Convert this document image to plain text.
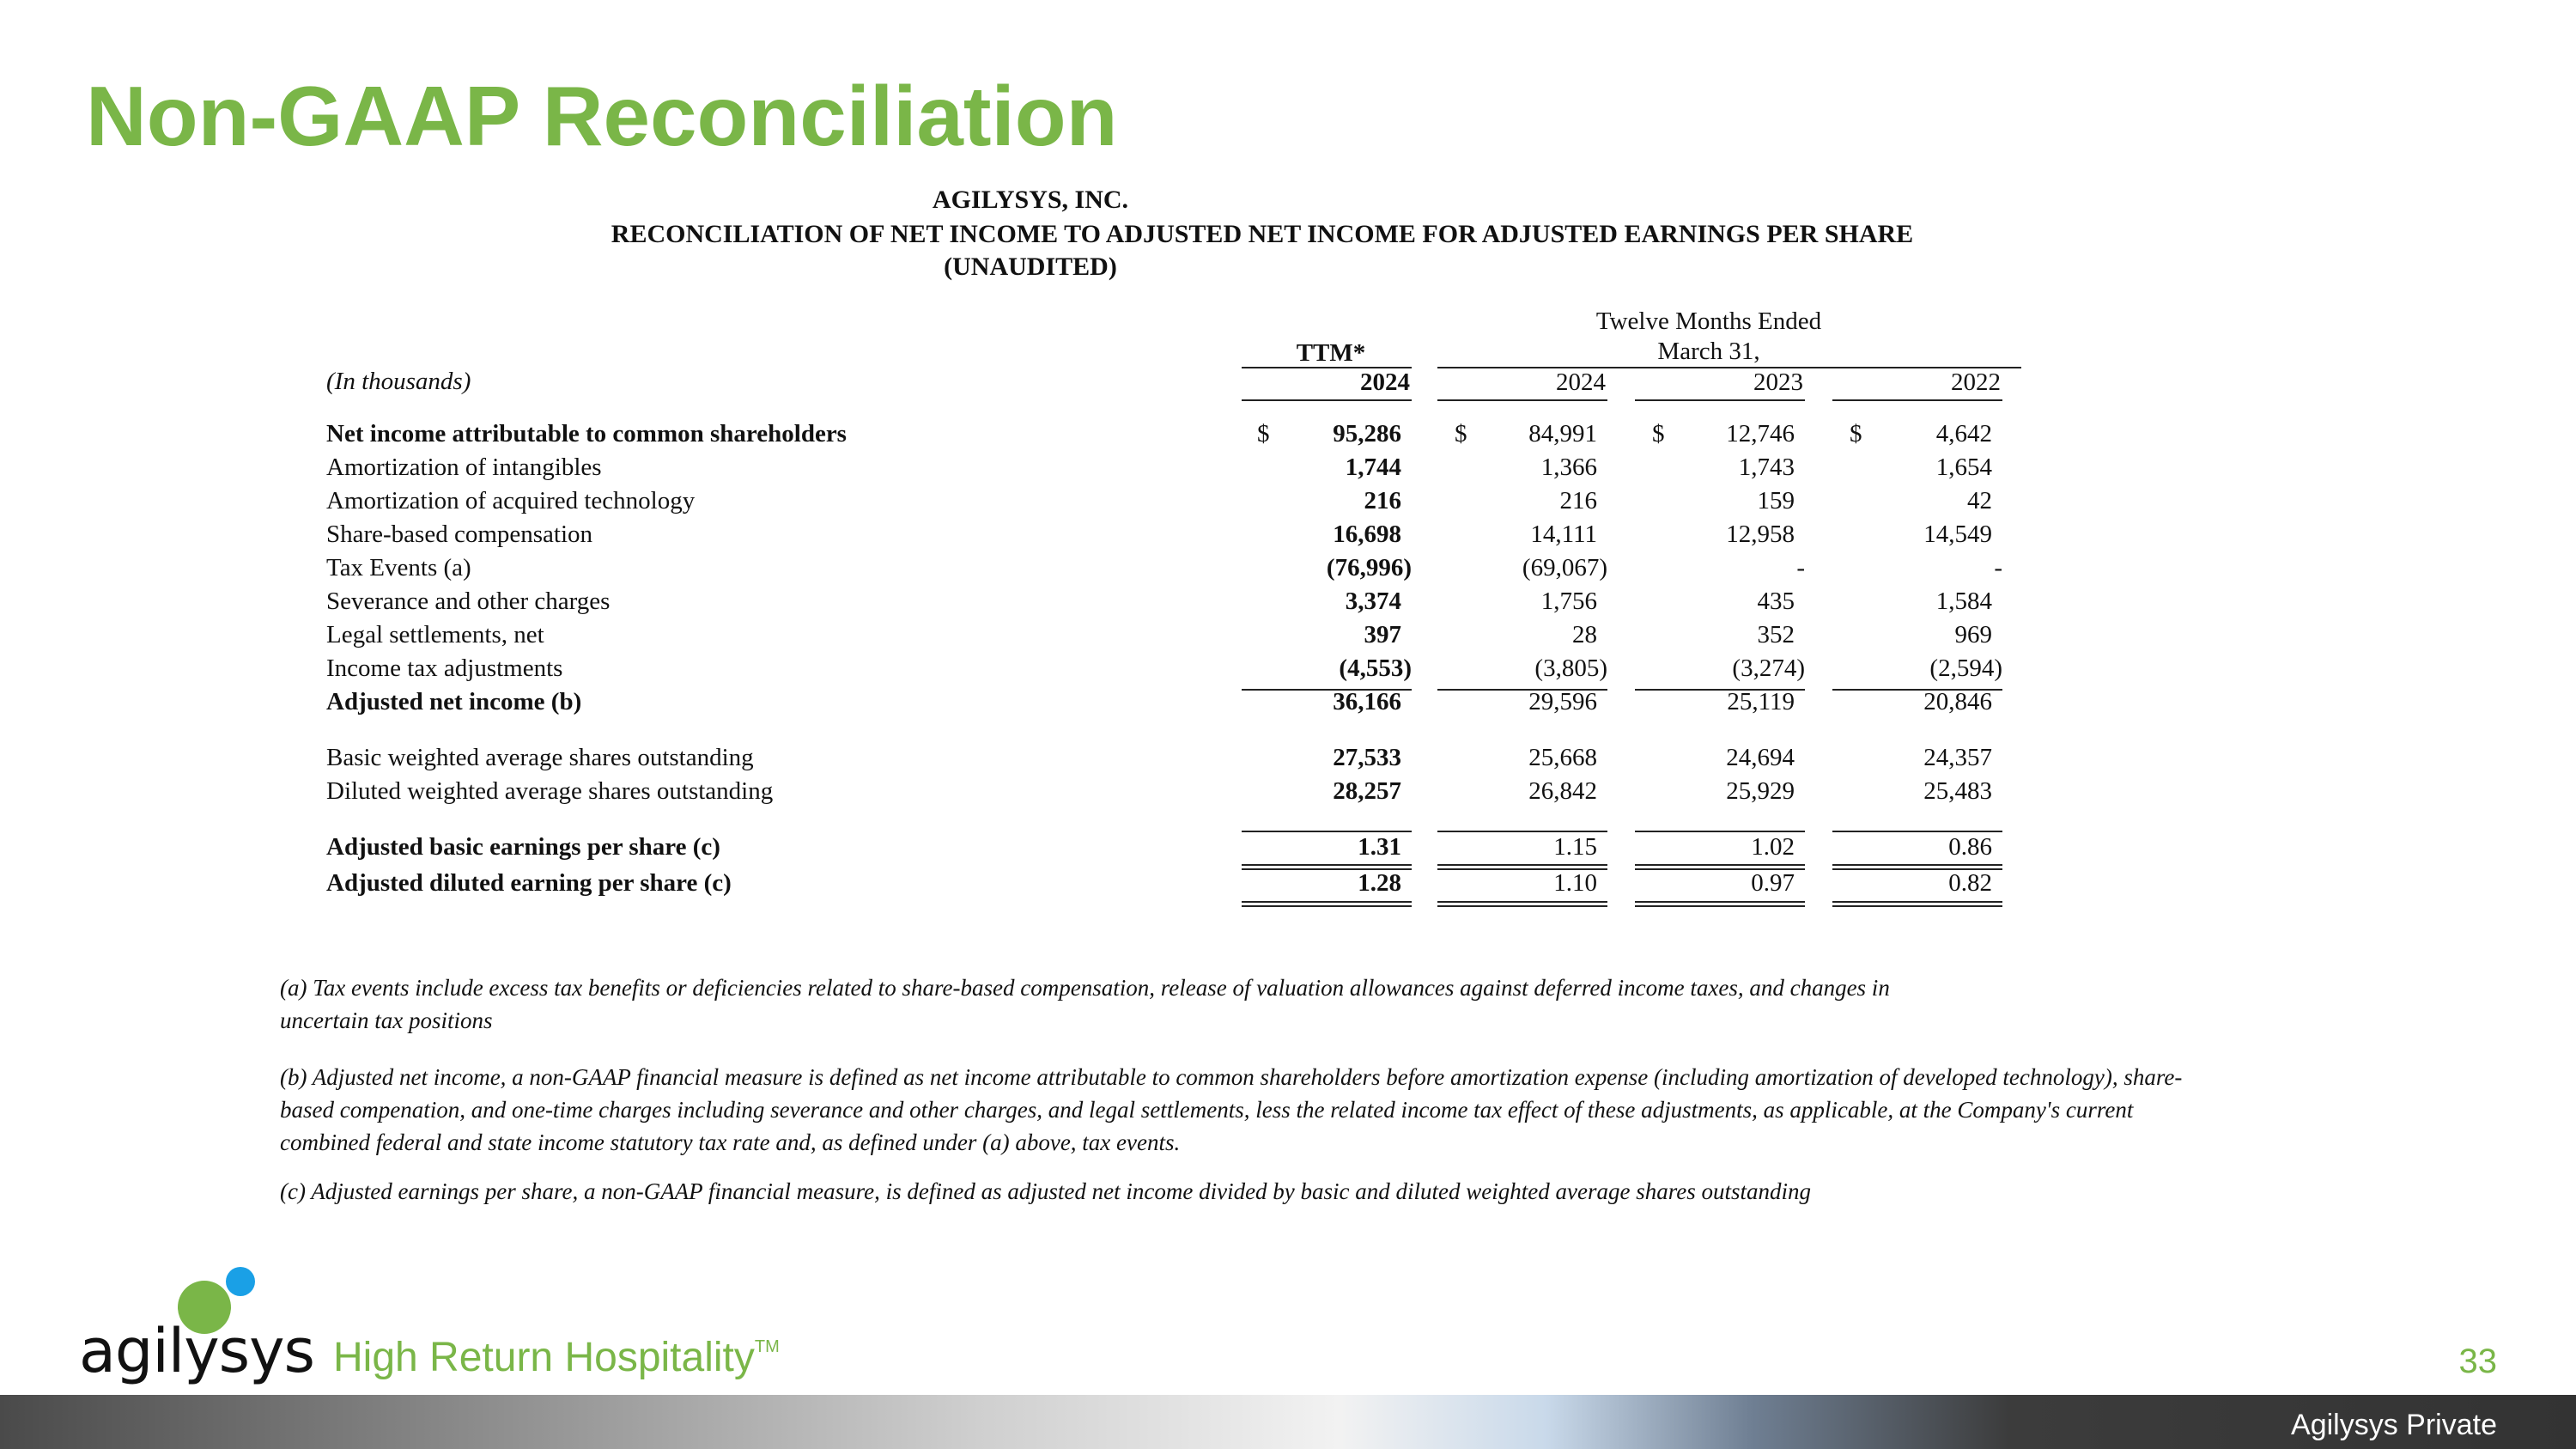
Non-GAAP Reconciliation
AGILYSYS, INC.
RECONCILIATION OF NET INCOME TO ADJUSTED NET INCOME FOR ADJUSTED EARNINGS PER SHARE
(UNAUDITED)
Twelve Months Ended
March 31,
TTM*
(In thousands)	2024	2024	2023	2022
$	$	$	$
Net income attributable to common shareholders	95,286	84,991	12,746	4,642
Amortization of intangibles	1,744	1,366	1,743	1,654
Amortization of acquired technology	216	216	159	42
Share-based compensation	16,698	14,111	12,958	14,549
Tax Events (a)	(76,996)	(69,067)	-	-
Severance and other charges	3,374	1,756	435	1,584
Legal settlements, net	397	28	352	969
Income tax adjustments	(4,553)	(3,805)	(3,274)	(2,594)
Adjusted net income (b)	36,166	29,596	25,119	20,846
Basic weighted average shares outstanding	27,533	25,668	24,694	24,357
Diluted weighted average shares outstanding	28,257	26,842	25,929	25,483
Adjusted basic earnings per share (c)	1.31	1.15	1.02	0.86
Adjusted diluted earning per share (c)	1.28	1.10	0.97	0.82
(a) Tax events include excess tax benefits or deficiencies related to share-based compensation, release of valuation allowances against deferred income taxes, and changes in uncertain tax positions
(b) Adjusted net income, a non-GAAP financial measure is defined as net income attributable to common shareholders before amortization expense (including amortization of developed technology), share-based compenation, and one-time charges including severance and other charges, and legal settlements, less the related income tax effect of these adjustments, as applicable, at the Company's current combined federal and state income statutory tax rate and, as defined under (a) above, tax events.
(c) Adjusted earnings per share, a non-GAAP financial measure, is defined as adjusted net income divided by basic and diluted weighted average shares outstanding
agilysys High Return Hospitality™	33
Agilysys Private
